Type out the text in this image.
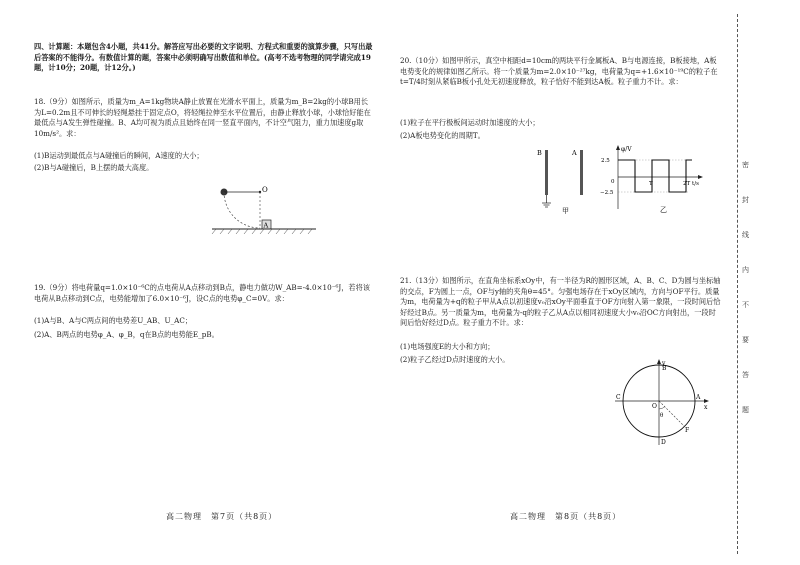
四、计算题：本题包含4小题，共41分。解答应写出必要的文字说明、方程式和重要的演算步骤，只写出最后答案的不能得分。有数值计算的题，答案中必须明确写出数值和单位。(高考不选考物理的同学请完成19题，计10分；20题，计12分。)

18.（9分）如图所示，质量为m_A=1kg物块A静止放置在光滑水平面上，质量为m_B=2kg的小球B用长为L=0.2m且不可伸长的轻绳悬挂于固定点O，将轻绳拉伸至水平位置后，由静止释放小球，小球恰好能在最低点与A发生弹性碰撞。B、A均可视为质点且始终在同一竖直平面内，不计空气阻力，重力加速度g取10m/s²。求：

(1)B运动到最低点与A碰撞后的瞬间，A速度的大小；

(2)B与A碰撞后，B上摆的最大高度。

O
A

19.（9分）将电荷量q=1.0×10⁻⁶C的点电荷从A点移动到B点，静电力做功W_AB=-4.0×10⁻⁶J，若将该电荷从B点移动到C点，电势能增加了6.0×10⁻⁶J，设C点的电势φ_C=0V。求：

(1)A与B、A与C两点间的电势差U_AB、U_AC；

(2)A、B两点的电势φ_A、φ_B，q在B点的电势能E_pB。

高二物理　第7页（共8页）

20.（10分）如图甲所示，真空中相距d=10cm的两块平行金属板A、B与电源连接，B板接地，A板电势变化的规律如图乙所示。将一个质量为m=2.0×10⁻²⁷kg，电荷量为q=+1.6×10⁻¹⁹C的粒子在t=T/4时刻从紧临B板小孔处无初速度释放，粒子恰好不能到达A板。粒子重力不计。求：

(1)粒子在平行极板间运动时加速度的大小；

(2)A板电势变化的周期T。

B	A
甲
φ/V
t/s
2.5
−2.5
0	T	2T
乙

21.（13分）如图所示，在直角坐标系xOy中，有一半径为R的圆形区域，A、B、C、D为圆与坐标轴的交点，F为圆上一点，OF与y轴的夹角θ=45°。匀强电场存在于xOy区域内，方向与OF平行。质量为m，电荷量为+q的粒子甲从A点以初速度v₀沿xOy平面垂直于OF方向射入第一象限，一段时间后恰好经过B点。另一质量为m，电荷量为-q的粒子乙从A点以相同初速度大小v₀沿OC方向射出，一段时间后恰好经过D点。粒子重力不计。求：

(1)电场强度E的大小和方向；

(2)粒子乙经过D点时速度的大小。	y
x
θ
B
C	A
D
O
F
高二物理　第8页（共8页）
密
封
线
内
不
要
答
题
